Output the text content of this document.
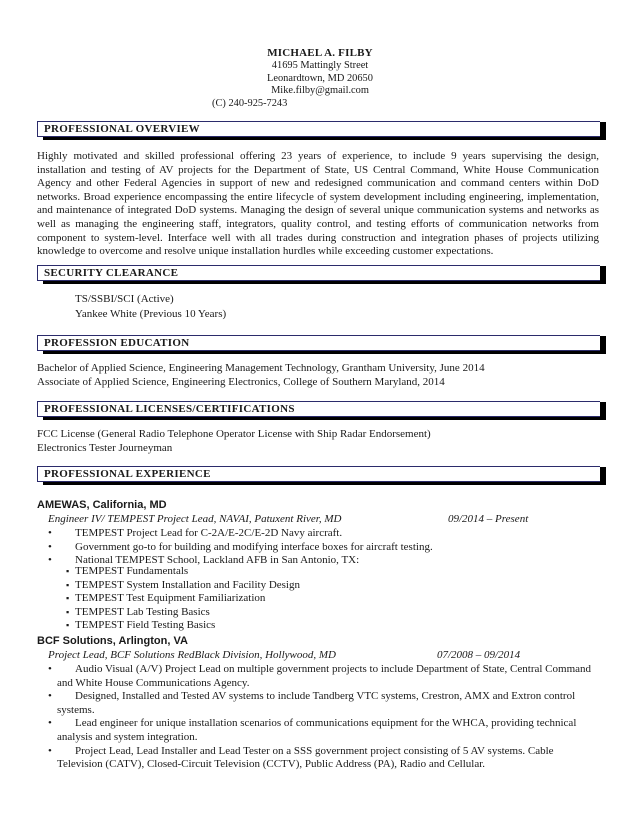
MICHAEL A. FILBY
41695 Mattingly Street
Leonardtown, MD 20650
Mike.filby@gmail.com
(C) 240-925-7243
PROFESSIONAL OVERVIEW
Highly motivated and skilled professional offering 23 years of experience, to include 9 years supervising the design, installation and testing of AV projects for the Department of State, US Central Command, White House Communication Agency and other Federal Agencies in support of new and redesigned communication and command centers within DoD networks. Broad experience encompassing the entire lifecycle of system development including engineering, implementation, and maintenance of integrated DoD systems. Managing the design of several unique communication systems and networks as well as managing the engineering staff, integrators, quality control, and testing efforts of communication networks from component to system-level. Interface well with all trades during construction and integration phases of projects utilizing knowledge to overcome and resolve unique installation hurdles while exceeding customer expectations.
SECURITY CLEARANCE
TS/SSBI/SCI (Active)
Yankee White (Previous 10 Years)
PROFESSION EDUCATION
Bachelor of Applied Science, Engineering Management Technology, Grantham University, June 2014
Associate of Applied Science, Engineering Electronics, College of Southern Maryland, 2014
PROFESSIONAL LICENSES/CERTIFICATIONS
FCC License (General Radio Telephone Operator License with Ship Radar Endorsement)
Electronics Tester Journeyman
PROFESSIONAL EXPERIENCE
AMEWAS, California, MD
Engineer IV/ TEMPEST Project Lead, NAVAI, Patuxent River, MD	09/2014 – Present
• TEMPEST Project Lead for C-2A/E-2C/E-2D Navy aircraft.
• Government go-to for building and modifying interface boxes for aircraft testing.
• National TEMPEST School, Lackland AFB in San Antonio, TX:
▪ TEMPEST Fundamentals
▪ TEMPEST System Installation and Facility Design
▪ TEMPEST Test Equipment Familiarization
▪ TEMPEST Lab Testing Basics
▪ TEMPEST Field Testing Basics
BCF Solutions, Arlington, VA
Project Lead, BCF Solutions RedBlack Division, Hollywood, MD	07/2008 – 09/2014
•	Audio Visual (A/V) Project Lead on multiple government projects to include Department of State, Central Command and White House Communications Agency.
•	Designed, Installed and Tested AV systems to include Tandberg VTC systems, Crestron, AMX and Extron control systems.
•	Lead engineer for unique installation scenarios of communications equipment for the WHCA, providing technical analysis and system integration.
•	Project Lead, Lead Installer and Lead Tester on a SSS government project consisting of 5 AV systems. Cable Television (CATV), Closed-Circuit Television (CCTV), Public Address (PA), Radio and Cellular.
